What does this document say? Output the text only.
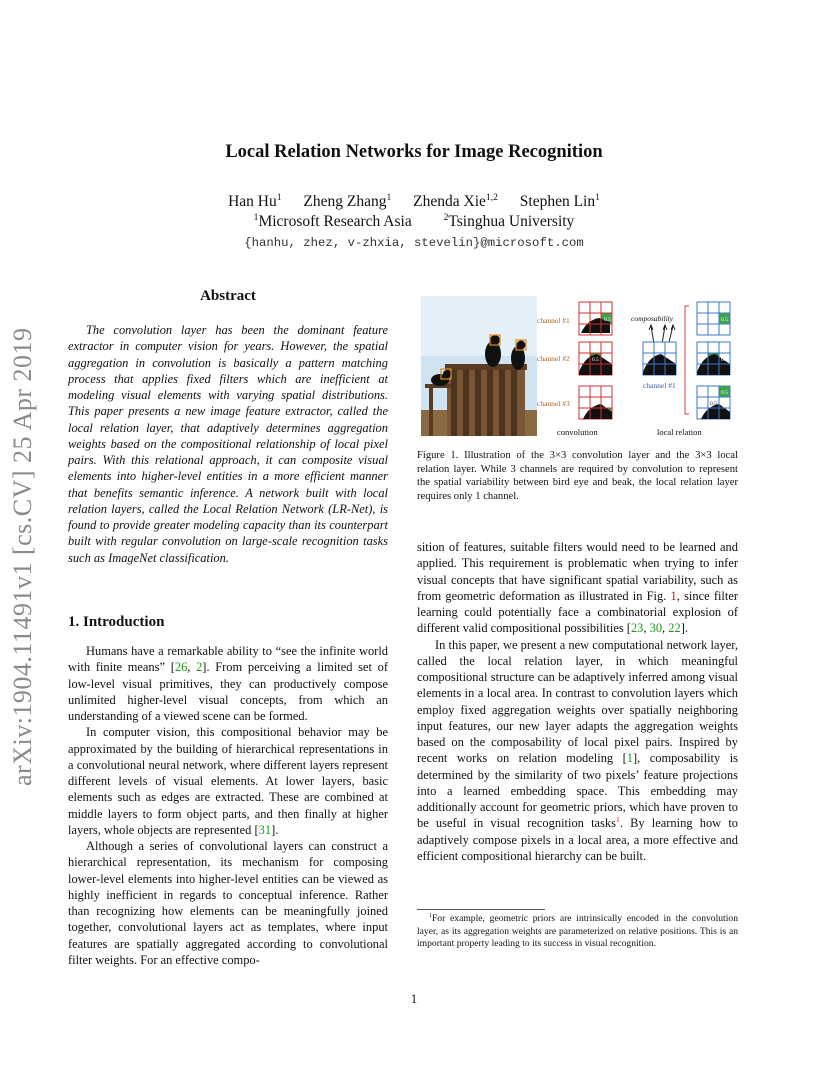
Local Relation Networks for Image Recognition
Han Hu$^1$ Zheng Zhang$^1$ Zhenda Xie$^{1,2}$ Stephen Lin$^1$
$^1$Microsoft Research Asia	$^2$Tsinghua University
{hanhu, zhez, v-zhxia, stevelin}@microsoft.com
arXiv:1904.11491v1 [cs.CV] 25 Apr 2019
Abstract

The convolution layer has been the dominant feature extractor in computer vision for years. However, the spatial aggregation in convolution is basically a pattern matching process that applies fixed filters which are inefficient at modeling visual elements with varying spatial distributions. This paper presents a new image feature extractor, called the local relation layer, that adaptively determines aggregation weights based on the compositional relationship of local pixel pairs. With this relational approach, it can composite visual elements into higher-level entities in a more efficient manner that benefits semantic inference. A network built with local relation layers, called the Local Relation Network (LR-Net), is found to provide greater modeling capacity than its counterpart built with regular convolution on large-scale recognition tasks such as ImageNet classification.

1. Introduction

Humans have a remarkable ability to “see the infinite world with finite means” [26, 2]. From perceiving a limited set of low-level visual primitives, they can productively compose unlimited higher-level visual concepts, from which an understanding of a viewed scene can be formed.

In computer vision, this compositional behavior may be approximated by the building of hierarchical representations in a convolutional neural network, where different layers represent different levels of visual elements. At lower layers, basic elements such as edges are extracted. These are combined at middle layers to form object parts, and then finally at higher layers, whole objects are represented [31].

Although a series of convolutional layers can construct a hierarchical representation, its mechanism for composing lower-level elements into higher-level entities can be viewed as highly inefficient in regards to conceptual inference. Rather than recognizing how elements can be meaningfully joined together, convolutional layers act as templates, where input features are spatially aggregated according to convolutional filter weights. For an effective compo-

channel #1
channel #2
channel #3
0.5
0.5
convolution
composability
channel #1
0.5
0.5
0.5
0.5
local relation
Figure 1. Illustration of the 3×3 convolution layer and the 3×3 local relation layer. While 3 channels are required by convolution to represent the spatial variability between bird eye and beak, the local relation layer requires only 1 channel.

sition of features, suitable filters would need to be learned and applied. This requirement is problematic when trying to infer visual concepts that have significant spatial variability, such as from geometric deformation as illustrated in Fig. 1, since filter learning could potentially face a combinatorial explosion of different valid compositional possibilities [23, 30, 22].

In this paper, we present a new computational network layer, called the local relation layer, in which meaningful compositional structure can be adaptively inferred among visual elements in a local area. In contrast to convolution layers which employ fixed aggregation weights over spatially neighboring input features, our new layer adapts the aggregation weights based on the composability of local pixel pairs. Inspired by recent works on relation modeling [1], composability is determined by the similarity of two pixels’ feature projections into a learned embedding space. This embedding may additionally account for geometric priors, which have proven to be useful in visual recognition tasks$^1$. By learning how to adaptively compose pixels in a local area, a more effective and efficient compositional hierarchy can be built.

$^1$For example, geometric priors are intrinsically encoded in the convolution layer, as its aggregation weights are parameterized on relative positions. This is an important property leading to its success in visual recognition.

1
